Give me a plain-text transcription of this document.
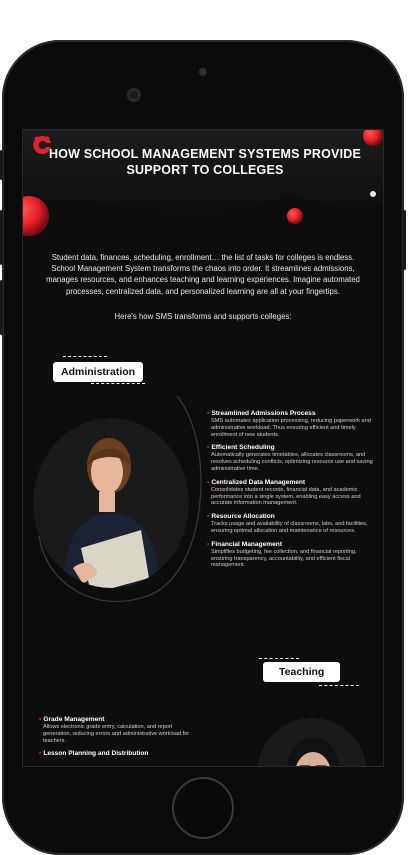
HOW SCHOOL MANAGEMENT SYSTEMS PROVIDE SUPPORT TO COLLEGES
Student data, finances, scheduling, enrollment… the list of tasks for colleges is endless. School Management System transforms the chaos into order. It streamlines admissions, manages resources, and enhances teaching and learning experiences. Imagine automated processes, centralized data, and personalized learning are all at your fingertips.
Here's how SMS transforms and supports colleges:
Administration
• Streamlined Admissions Process
SMS automates application processing, reducing paperwork and administrative workload. Thus ensuring efficient and timely enrollment of new students.
• Efficient Scheduling
Automatically generates timetables, allocates classrooms, and resolves scheduling conflicts, optimizing resource use and saving administrative time.
• Centralized Data Management
Consolidates student records, financial data, and academic performance into a single system, enabling easy access and accurate information management.
• Resource Allocation
Tracks usage and availability of classrooms, labs, and facilities, ensuring optimal allocation and maintenance of resources.
• Financial Management
Simplifies budgeting, fee collection, and financial reporting, ensuring transparency, accountability, and efficient fiscal management.
Teaching
• Grade Management
Allows electronic grade entry, calculation, and report generation, reducing errors and administrative workload for teachers.
• Lesson Planning and Distribution
